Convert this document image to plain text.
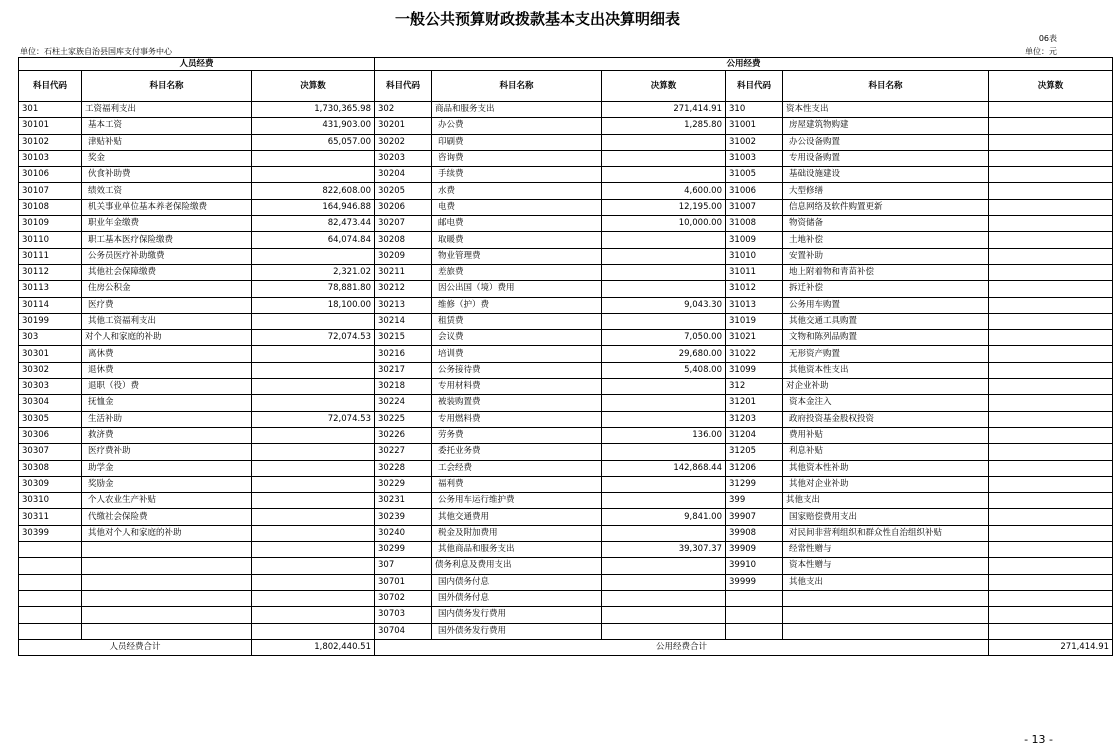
一般公共预算财政拨款基本支出决算明细表
06表
单位：石柱土家族自治县国库支付事务中心	单位：元
人员经费			公用经费					
科目代码	科目名称	决算数	科目代码	科目名称	决算数	科目代码	科目名称	决算数
301	工资福利支出	1,730,365.98	302	商品和服务支出	271,414.91	310	资本性支出	
30101	基本工资	431,903.00	30201	办公费	1,285.80	31001	房屋建筑物购建	
30102	津贴补贴	65,057.00	30202	印刷费		31002	办公设备购置	
30103	奖金		30203	咨询费		31003	专用设备购置	
30106	伙食补助费		30204	手续费		31005	基础设施建设	
30107	绩效工资	822,608.00	30205	水费	4,600.00	31006	大型修缮	
30108	机关事业单位基本养老保险缴费	164,946.88	30206	电费	12,195.00	31007	信息网络及软件购置更新	
30109	职业年金缴费	82,473.44	30207	邮电费	10,000.00	31008	物资储备	
30110	职工基本医疗保险缴费	64,074.84	30208	取暖费		31009	土地补偿	
30111	公务员医疗补助缴费		30209	物业管理费		31010	安置补助	
30112	其他社会保障缴费	2,321.02	30211	差旅费		31011	地上附着物和青苗补偿	
30113	住房公积金	78,881.80	30212	因公出国（境）费用		31012	拆迁补偿	
30114	医疗费	18,100.00	30213	维修（护）费	9,043.30	31013	公务用车购置	
30199	其他工资福利支出		30214	租赁费		31019	其他交通工具购置	
303	对个人和家庭的补助	72,074.53	30215	会议费	7,050.00	31021	文物和陈列品购置	
30301	离休费		30216	培训费	29,680.00	31022	无形资产购置	
30302	退休费		30217	公务接待费	5,408.00	31099	其他资本性支出	
30303	退职（役）费		30218	专用材料费		312	对企业补助	
30304	抚恤金		30224	被装购置费		31201	资本金注入	
30305	生活补助	72,074.53	30225	专用燃料费		31203	政府投资基金股权投资	
30306	救济费		30226	劳务费	136.00	31204	费用补贴	
30307	医疗费补助		30227	委托业务费		31205	利息补贴	
30308	助学金		30228	工会经费	142,868.44	31206	其他资本性补助	
30309	奖励金		30229	福利费		31299	其他对企业补助	
30310	个人农业生产补贴		30231	公务用车运行维护费		399	其他支出	
30311	代缴社会保险费		30239	其他交通费用	9,841.00	39907	国家赔偿费用支出	
30399	其他对个人和家庭的补助		30240	税金及附加费用		39908	对民间非营利组织和群众性自治组织补贴	
			30299	其他商品和服务支出	39,307.37	39909	经常性赠与	
			307	债务利息及费用支出		39910	资本性赠与	
			30701	国内债务付息		39999	其他支出	
			30702	国外债务付息				
			30703	国内债务发行费用				
			30704	国外债务发行费用				
人员经费合计		1,802,440.51	公用经费合计					271,414.91
- 13 -
